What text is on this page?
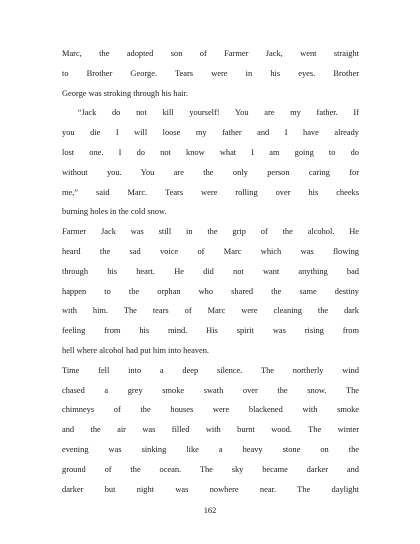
Marc, the adopted son of Farmer Jack, went straight
to Brother George. Tears were in his eyes. Brother
George was stroking through his hair.
“Jack do not kill yourself! You are my father. If
you die I will loose my father and I have already
lost one. I do not know what I am going to do
without you. You are the only person caring for
me,” said Marc. Tears were rolling over his cheeks
burning holes in the cold snow.
Farmer Jack was still in the grip of the alcohol. He
heard the sad voice of Marc which was flowing
through his heart. He did not want anything bad
happen to the orphan who shared the same destiny
with him. The tears of Marc were cleaning the dark
feeling from his mind. His spirit was rising from
hell where alcohol had put him into heaven.
Time fell into a deep silence. The northerly wind
chased a grey smoke swath over the snow. The
chimneys of the houses were blackened with smoke
and the air was filled with burnt wood. The winter
evening was sinking like a heavy stone on the
ground of the ocean. The sky became darker and
darker but night was nowhere near. The daylight
162
